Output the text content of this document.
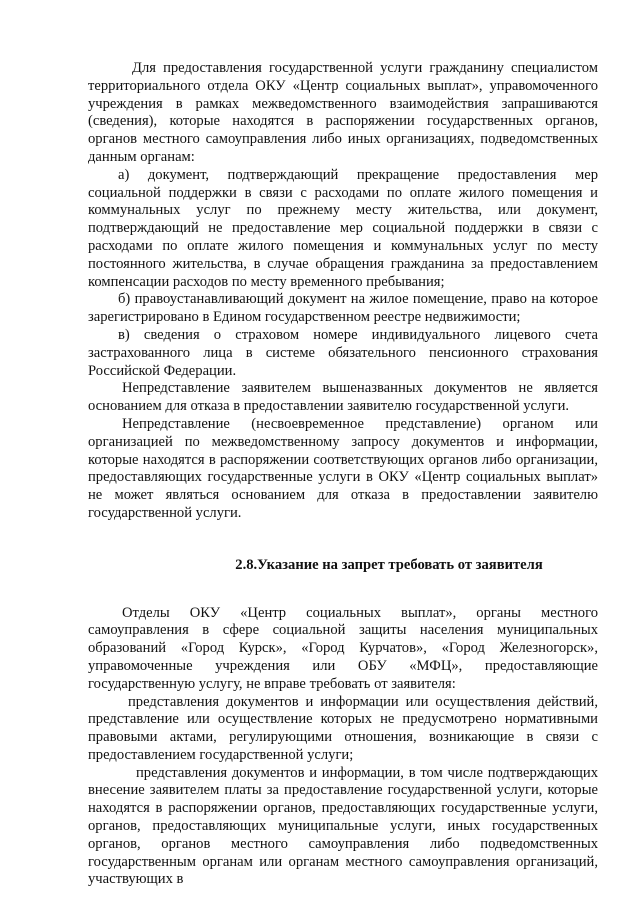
Для предоставления государственной услуги гражданину специалистом территориального отдела ОКУ «Центр социальных выплат», управомоченного учреждения в рамках межведомственного взаимодействия запрашиваются (сведения), которые находятся в распоряжении государственных органов, органов местного самоуправления либо иных организациях, подведомственных данным органам:

а) документ, подтверждающий прекращение предоставления мер социальной поддержки в связи с расходами по оплате жилого помещения и коммунальных услуг по прежнему месту жительства, или документ, подтверждающий не предоставление мер социальной поддержки в связи с расходами по оплате жилого помещения и коммунальных услуг по месту постоянного жительства, в случае обращения гражданина за предоставлением компенсации расходов по месту временного пребывания;

б) правоустанавливающий документ на жилое помещение, право на которое зарегистрировано в Едином государственном реестре недвижимости;

в) сведения о страховом номере индивидуального лицевого счета застрахованного лица в системе обязательного пенсионного страхования Российской Федерации.

Непредставление заявителем вышеназванных документов не является основанием для отказа в предоставлении заявителю государственной услуги.

Непредставление (несвоевременное представление) органом или организацией по межведомственному запросу документов и информации, которые находятся в распоряжении соответствующих органов либо организации, предоставляющих государственные услуги в ОКУ «Центр социальных выплат» не может являться основанием для отказа в предоставлении заявителю государственной услуги.

2.8.Указание на запрет требовать от заявителя

Отделы ОКУ «Центр социальных выплат», органы местного самоуправления в сфере социальной защиты населения муниципальных образований «Город Курск», «Город Курчатов», «Город Железногорск», управомоченные учреждения или ОБУ «МФЦ», предоставляющие государственную услугу, не вправе требовать от заявителя:

представления документов и информации или осуществления действий, представление или осуществление которых не предусмотрено нормативными правовыми актами, регулирующими отношения, возникающие в связи с предоставлением государственной услуги;

представления документов и информации, в том числе подтверждающих внесение заявителем платы за предоставление государственной услуги, которые находятся в распоряжении органов, предоставляющих государственные услуги, органов, предоставляющих муниципальные услуги, иных государственных органов, органов местного самоуправления либо подведомственных государственным органам или органам местного самоуправления организаций, участвующих в
